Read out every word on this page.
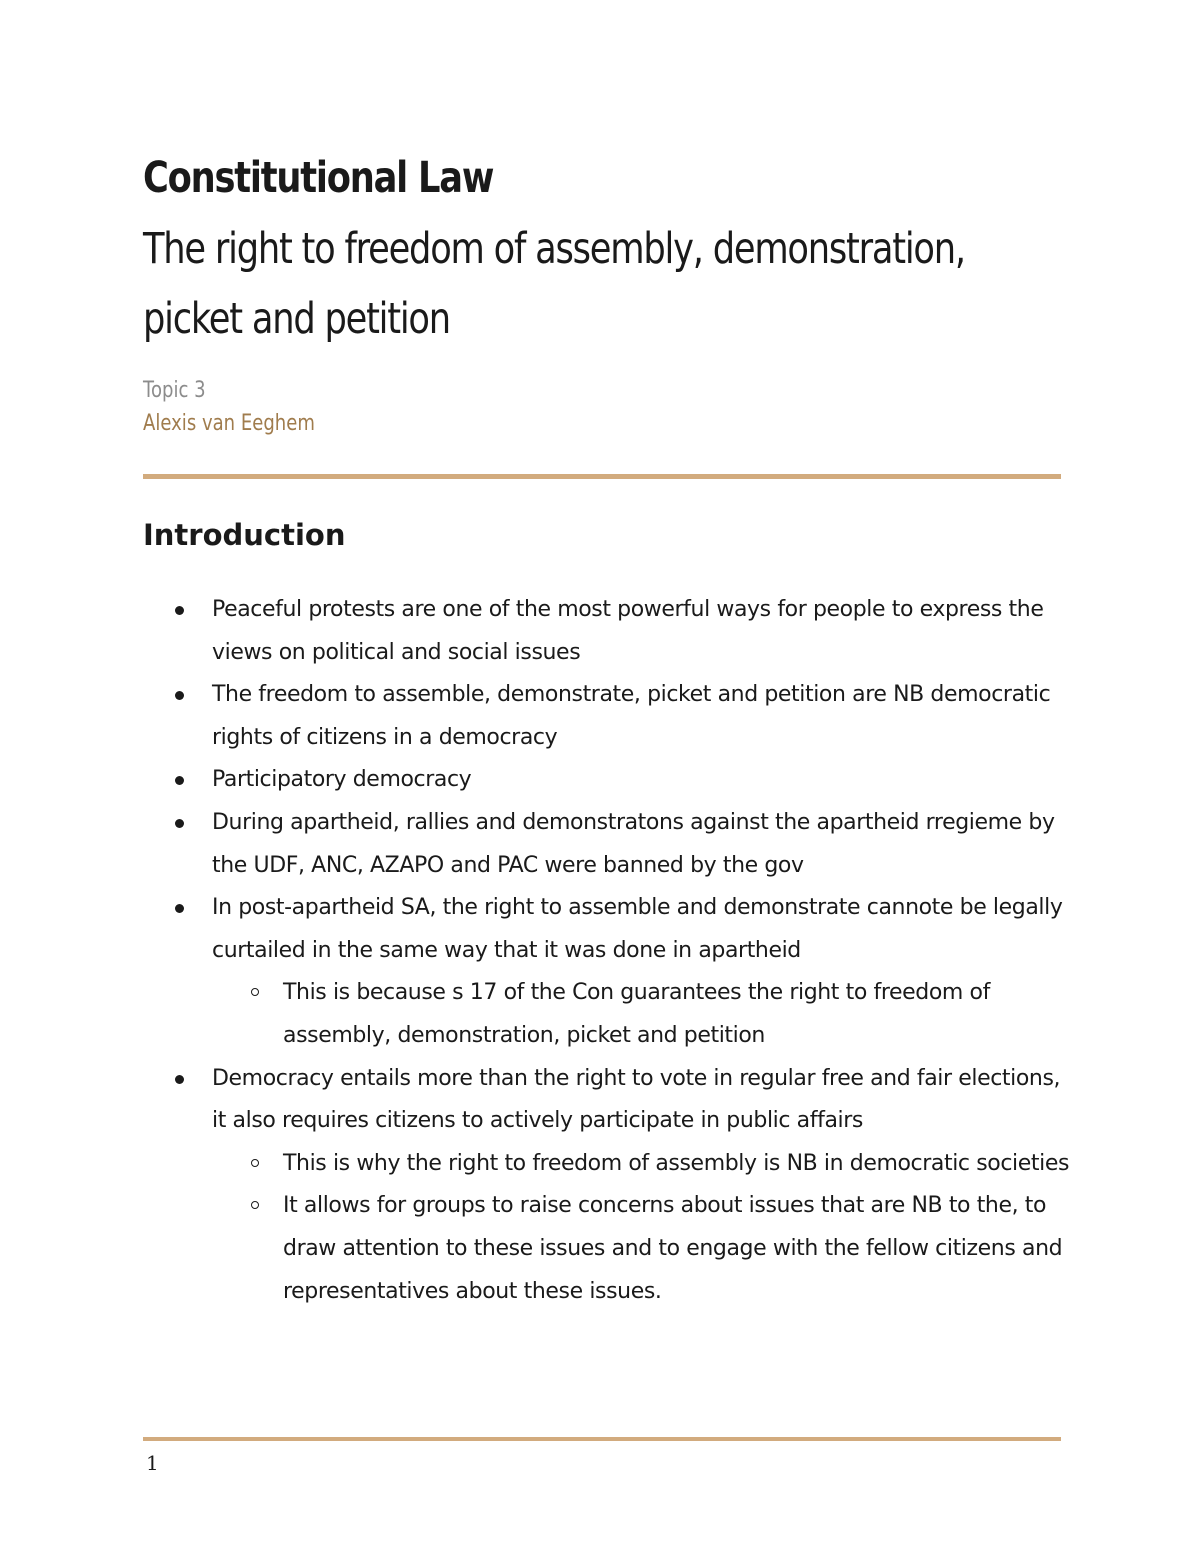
Constitutional Law
The right to freedom of assembly, demonstration, picket and petition
Topic 3
Alexis van Eeghem
Introduction
Peaceful protests are one of the most powerful ways for people to express the views on political and social issues
The freedom to assemble, demonstrate, picket and petition are NB democratic rights of citizens in a democracy
Participatory democracy
During apartheid, rallies and demonstratons against the apartheid rregieme by the UDF, ANC, AZAPO and PAC were banned by the gov
In post-apartheid SA, the right to assemble and demonstrate cannote be legally curtailed in the same way that it was done in apartheid
This is because s 17 of the Con guarantees the right to freedom of assembly, demonstration, picket and petition
Democracy entails more than the right to vote in regular free and fair elections, it also requires citizens to actively participate in public affairs
This is why the right to freedom of assembly is NB in democratic societies
It allows for groups to raise concerns about issues that are NB to the, to draw attention to these issues and to engage with the fellow citizens and representatives about these issues.
1
